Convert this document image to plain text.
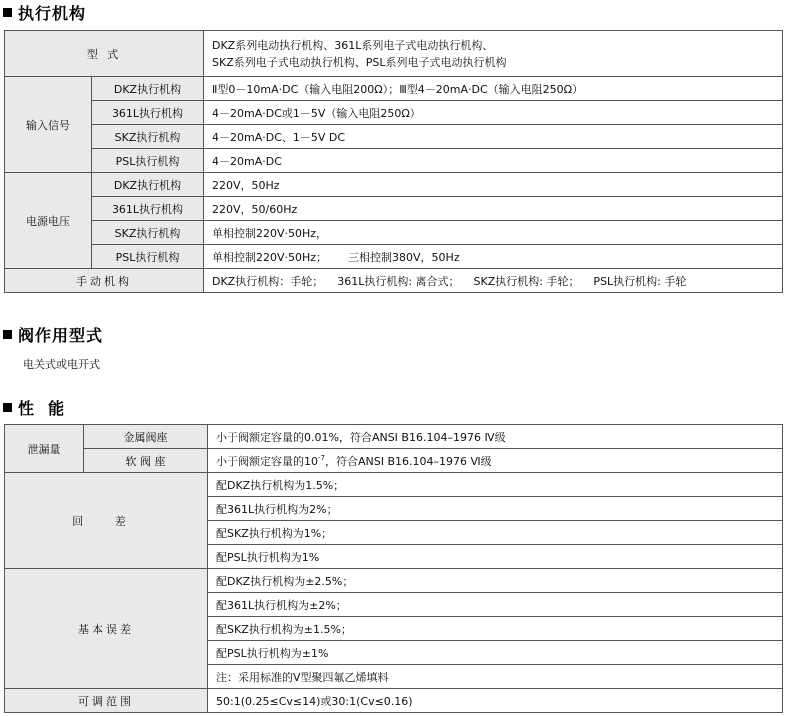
执行机构
型 式		DKZ系列电动执行机构、361L系列电子式电动执行机构、
SKZ系列电子式电动执行机构、PSL系列电子式电动执行机构

输入信号	DKZ执行机构	Ⅱ型0－10mA·DC（输入电阻200Ω）；Ⅲ型4－20mA·DC（输入电阻250Ω）
	361L执行机构	4－20mA·DC或1－5V（输入电阻250Ω）
	SKZ执行机构	4－20mA·DC、1－5V DC
	PSL执行机构	4－20mA·DC
电源电压	DKZ执行机构	220V，50Hz
	361L执行机构	220V，50/60Hz
	SKZ执行机构	单相控制220V·50Hz，
	PSL执行机构	单相控制220V·50Hz；      三相控制380V，50Hz
手动机构		DKZ执行机构：手轮；    361L执行机构: 离合式；    SKZ执行机构: 手轮；    PSL执行机构: 手轮
阀作用型式
电关式或电开式
性  能
泄漏量	金属阀座	小于阀额定容量的0.01%，符合ANSI B16.104–1976 Ⅳ级
	软 阀 座	小于阀额定容量的$10^{-7}$，符合ANSI B16.104–1976 Ⅵ级
回 差		配DKZ执行机构为1.5%；
		配361L执行机构为2%；
		配SKZ执行机构为1%；
		配PSL执行机构为1%
基本误差		配DKZ执行机构为±2.5%；
		配361L执行机构为±2%；
		配SKZ执行机构为±1.5%；
		配PSL执行机构为±1%
		注：采用标准的V型聚四氟乙烯填料
可调范围		50:1(0.25≤Cv≤14)或30:1(Cv≤0.16)
